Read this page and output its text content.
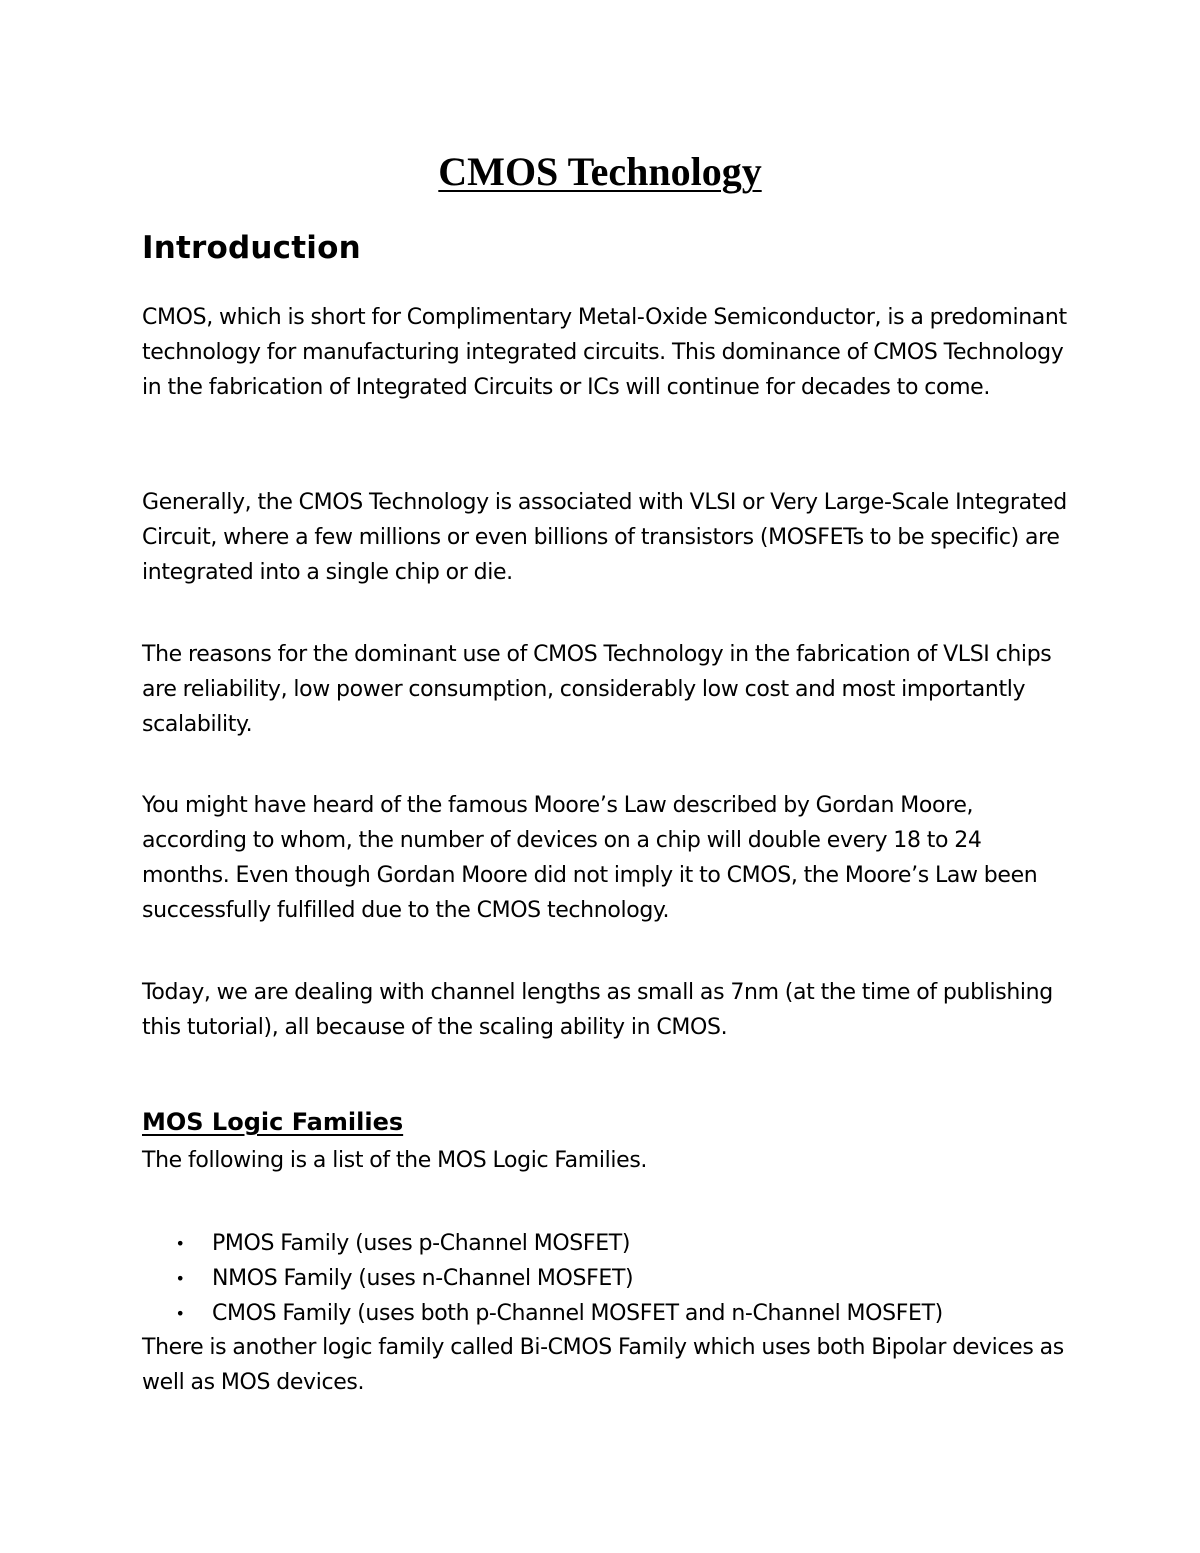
CMOS Technology
Introduction

CMOS, which is short for Complimentary Metal-Oxide Semiconductor, is a predominant technology for manufacturing integrated circuits. This dominance of CMOS Technology in the fabrication of Integrated Circuits or ICs will continue for decades to come.

Generally, the CMOS Technology is associated with VLSI or Very Large-Scale Integrated Circuit, where a few millions or even billions of transistors (MOSFETs to be specific) are integrated into a single chip or die.

The reasons for the dominant use of CMOS Technology in the fabrication of VLSI chips are reliability, low power consumption, considerably low cost and most importantly scalability.

You might have heard of the famous Moore’s Law described by Gordan Moore, according to whom, the number of devices on a chip will double every 18 to 24 months. Even though Gordan Moore did not imply it to CMOS, the Moore’s Law been successfully fulfilled due to the CMOS technology.

Today, we are dealing with channel lengths as small as 7nm (at the time of publishing this tutorial), all because of the scaling ability in CMOS.

MOS Logic Families

The following is a list of the MOS Logic Families.

• PMOS Family (uses p-Channel MOSFET)
• NMOS Family (uses n-Channel MOSFET)
• CMOS Family (uses both p-Channel MOSFET and n-Channel MOSFET)

There is another logic family called Bi-CMOS Family which uses both Bipolar devices as well as MOS devices.
